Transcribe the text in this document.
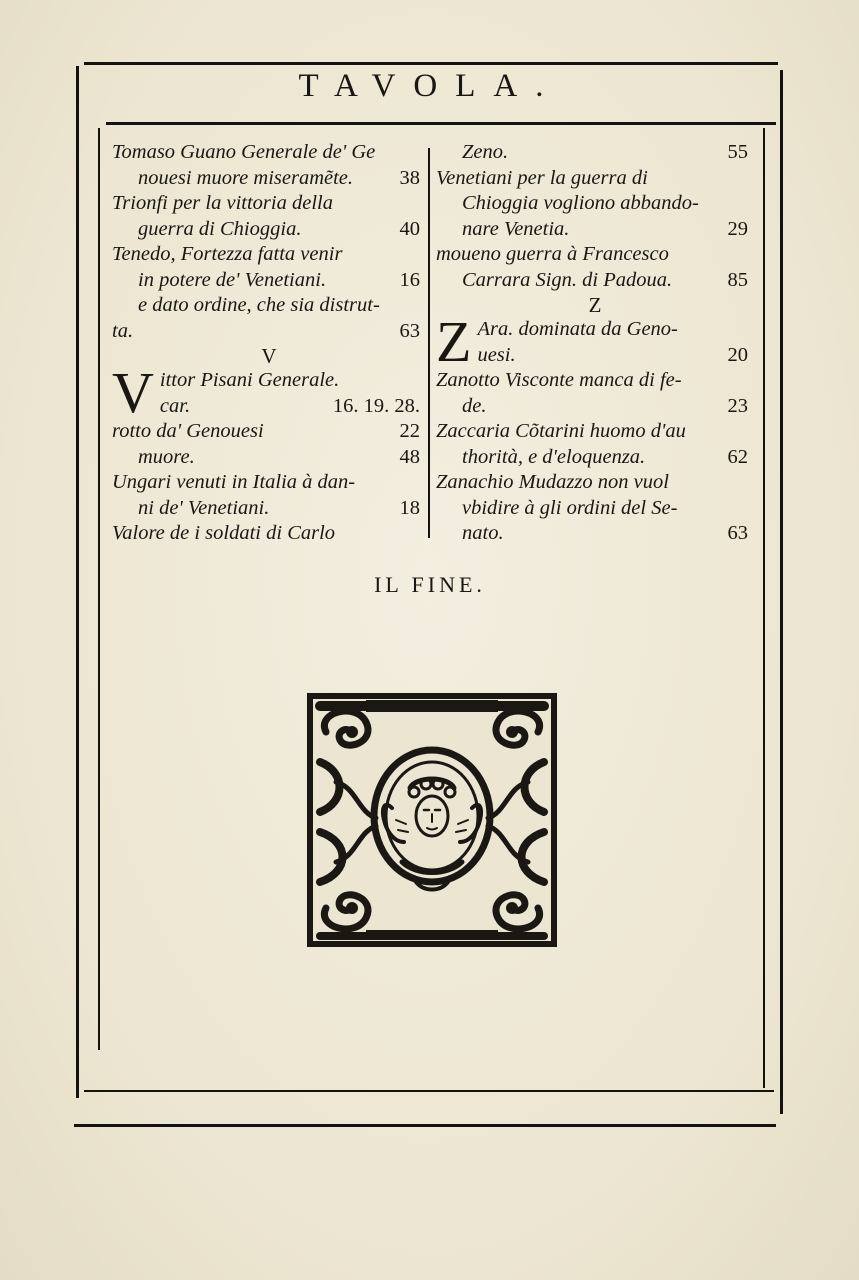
TAVOLA.
Tomaso Guano Generale de' Ge
nouesi muore miseramẽte. 38
Trionfi per la vittoria della
guerra di Chioggia.	40
Tenedo, Fortezza fatta venir
in potere de' Venetiani.	16
e dato ordine, che sia distrut-
ta.	63
V
V ittor Pisani Generale.
car.	16. 19. 28.
rotto da' Genouesi	22
muore.	48
Ungari venuti in Italia à dan-
ni de' Venetiani.	18
Valore de i soldati di Carlo
Zeno.	55
Venetiani per la guerra di
Chioggia vogliono abbando-
nare Venetia.	29
moueno guerra à Francesco
Carrara Sign. di Padoua.	85
Z
Z Ara. dominata da Geno-
uesi.	20
Zanotto Visconte manca di fe-
de.	23
Zaccaria Cõtarini huomo d'au
thorità, e d'eloquenza.	62
Zanachio Mudazzo non vuol
vbidire à gli ordini del Se-
nato.	63
IL FINE.
